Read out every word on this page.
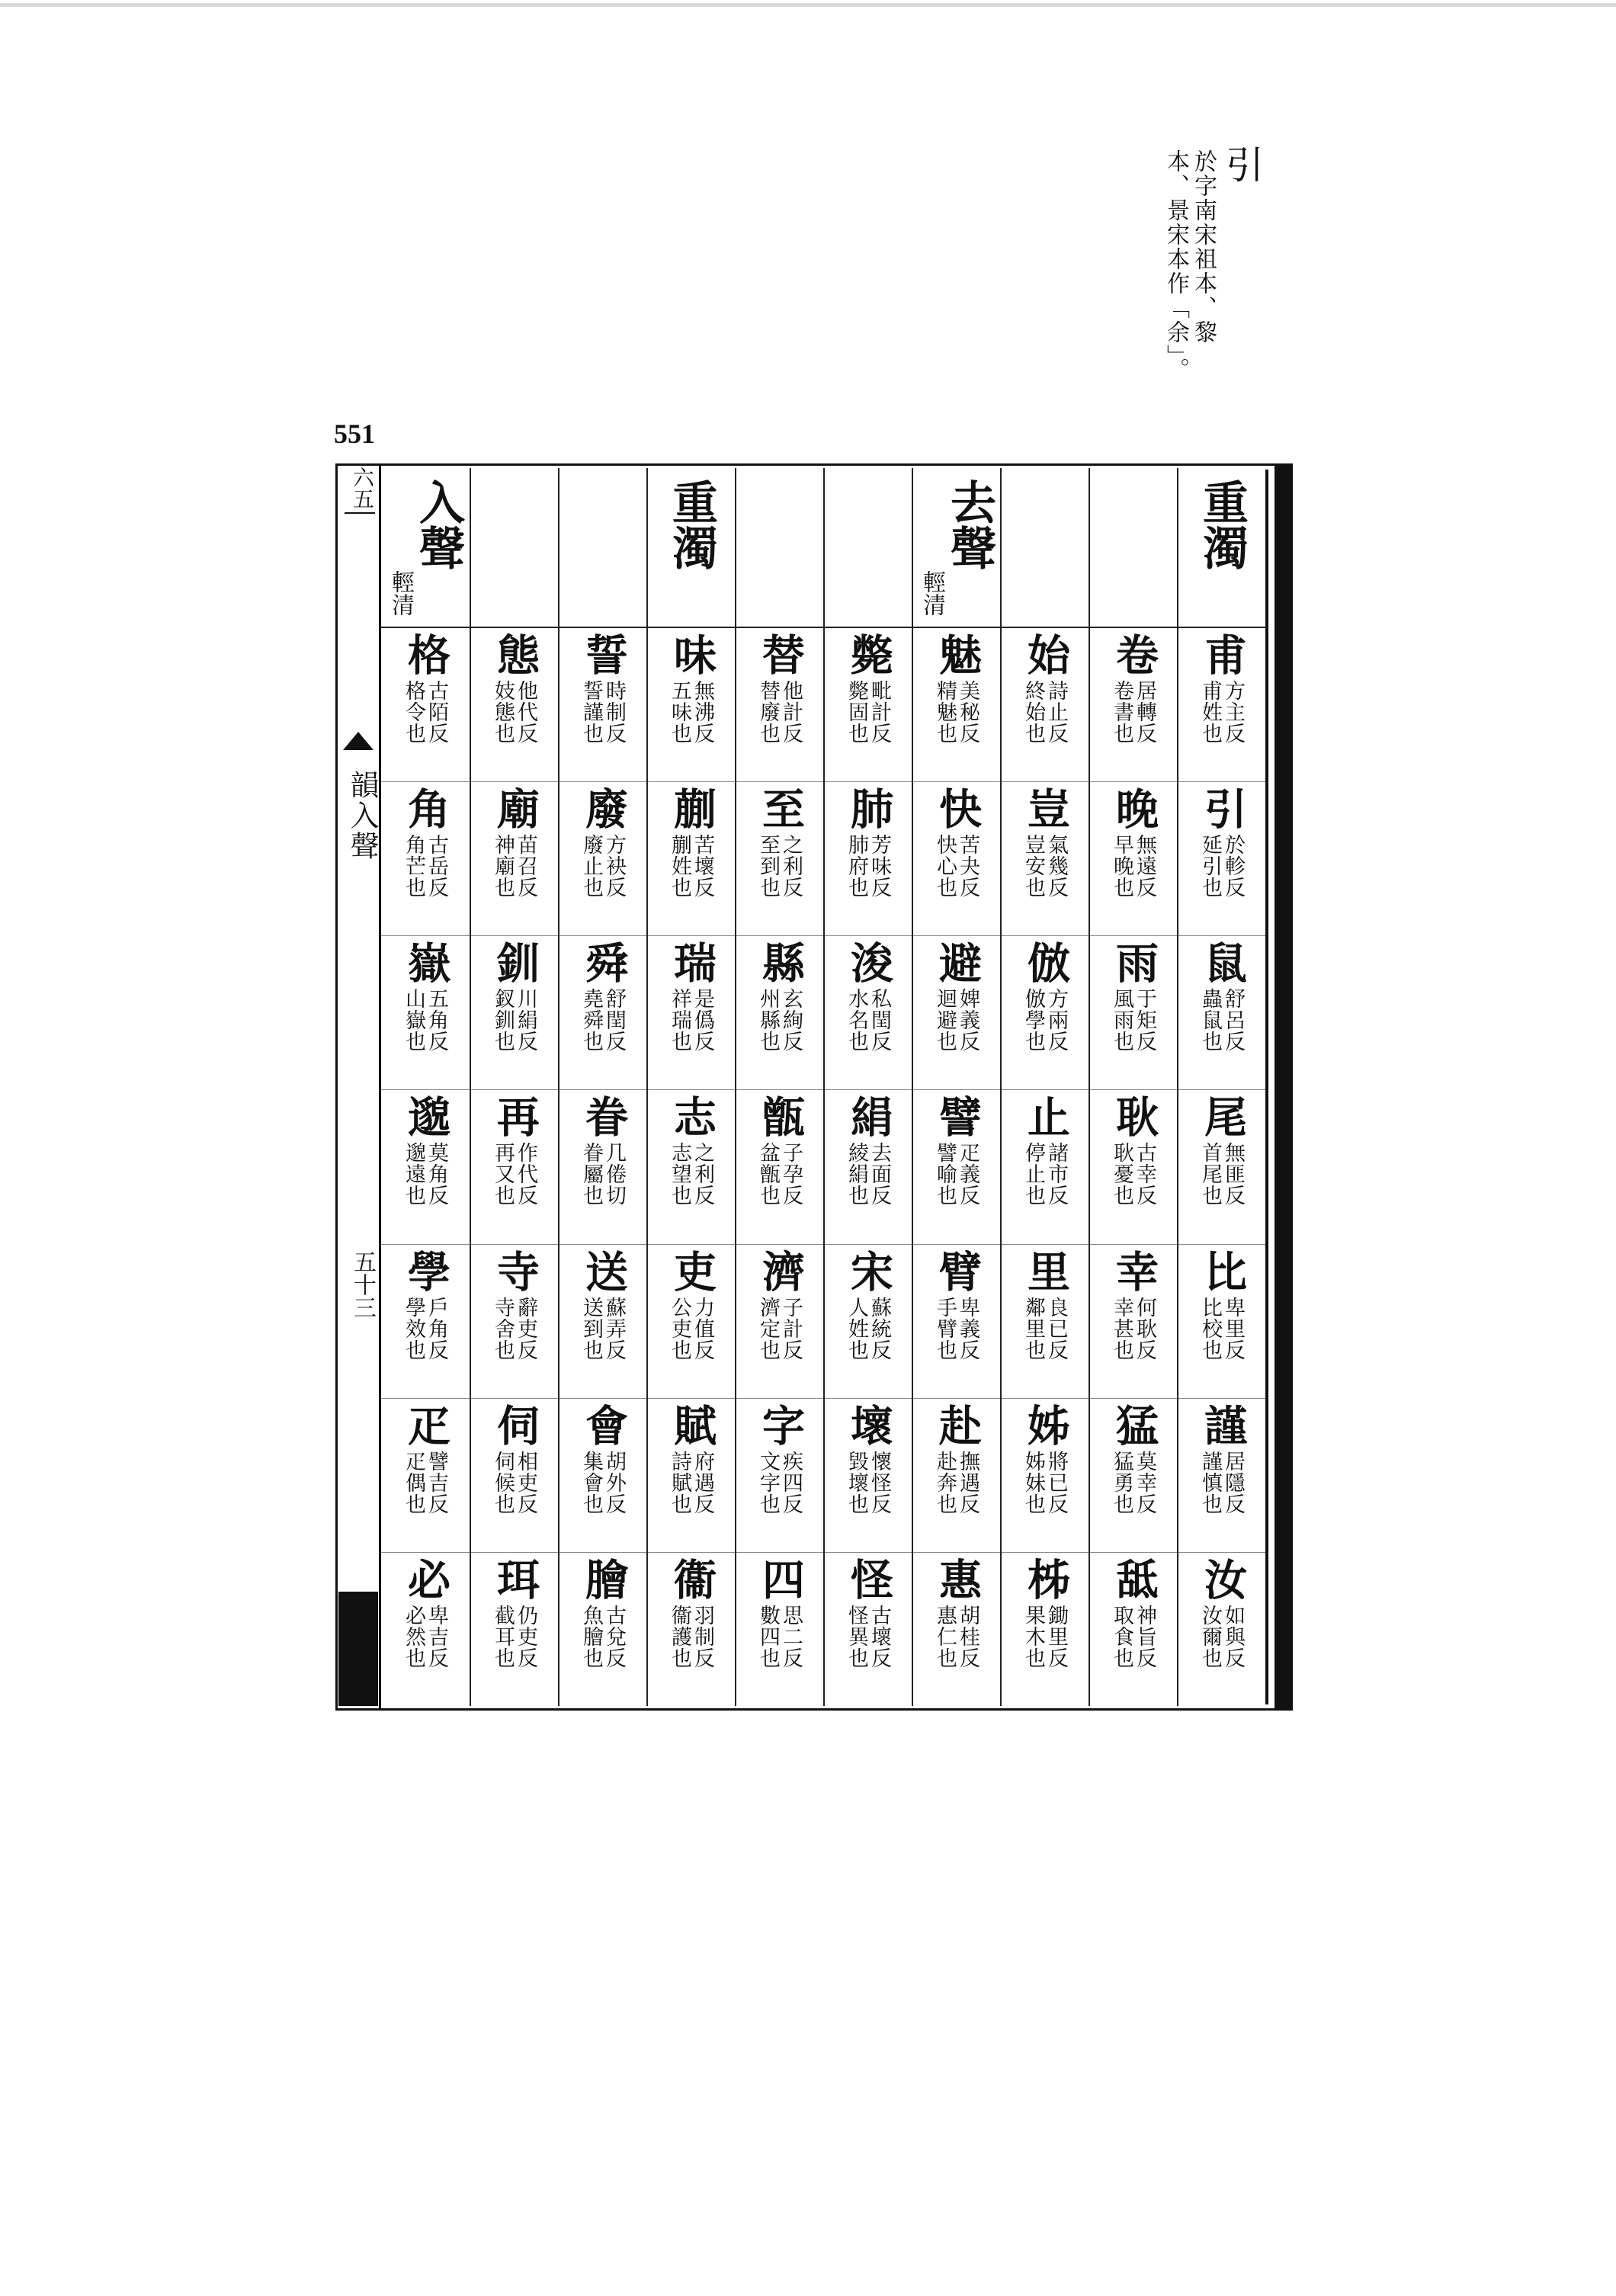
引
於字南宋祖本、黎
本、景宋本作「余」。
551
六五
韻入聲
五十三
重濁
甫
方主反
甫姓也
引
於軫反
延引也
鼠
舒呂反
蟲鼠也
尾
無匪反
首尾也
比
卑里反
比校也
謹
居隱反
謹慎也
汝
如與反
汝爾也
卷
居轉反
卷書也
晚
無遠反
早晚也
雨
于矩反
風雨也
耿
古幸反
耿憂也
幸
何耿反
幸甚也
猛
莫幸反
猛勇也
䑛
神旨反
取食也
始
詩止反
終始也
豈
氣幾反
豈安也
倣
方兩反
倣學也
止
諸市反
停止也
里
良已反
鄰里也
姊
將已反
姊妹也
柹
鋤里反
果木也
去聲
輕清
魅
美秘反
精魅也
快
苦夬反
快心也
避
婢義反
迴避也
譬
疋義反
譬喻也
臂
卑義反
手臂也
赴
撫遇反
赴奔也
惠
胡桂反
惠仁也
斃
毗計反
斃固也
肺
芳味反
肺府也
浚
私閏反
水名也
絹
去面反
綾絹也
宋
蘇統反
人姓也
壞
懷怪反
毀壞也
怪
古壞反
怪異也
替
他計反
替廢也
至
之利反
至到也
縣
玄絢反
州縣也
甑
子孕反
盆甑也
濟
子計反
濟定也
字
疾四反
文字也
四
思二反
數四也
重濁
味
無沸反
五味也
蒯
苦壞反
蒯姓也
瑞
是僞反
祥瑞也
志
之利反
志望也
吏
力值反
公吏也
賦
府遇反
詩賦也
衞
羽制反
衞護也
誓
時制反
誓謹也
廢
方袂反
廢止也
舜
舒閏反
堯舜也
眷
几倦切
眷屬也
送
蘇弄反
送到也
會
胡外反
集會也
膾
古兌反
魚膾也
態
他代反
妓態也
廟
苗召反
神廟也
釧
川絹反
釵釧也
再
作代反
再又也
寺
辭吏反
寺舍也
伺
相吏反
伺候也
珥
仍吏反
截耳也
入聲
輕清
格
古陌反
格令也
角
古岳反
角芒也
嶽
五角反
山嶽也
邈
莫角反
邈遠也
學
戶角反
學效也
疋
譬吉反
疋偶也
必
卑吉反
必然也
